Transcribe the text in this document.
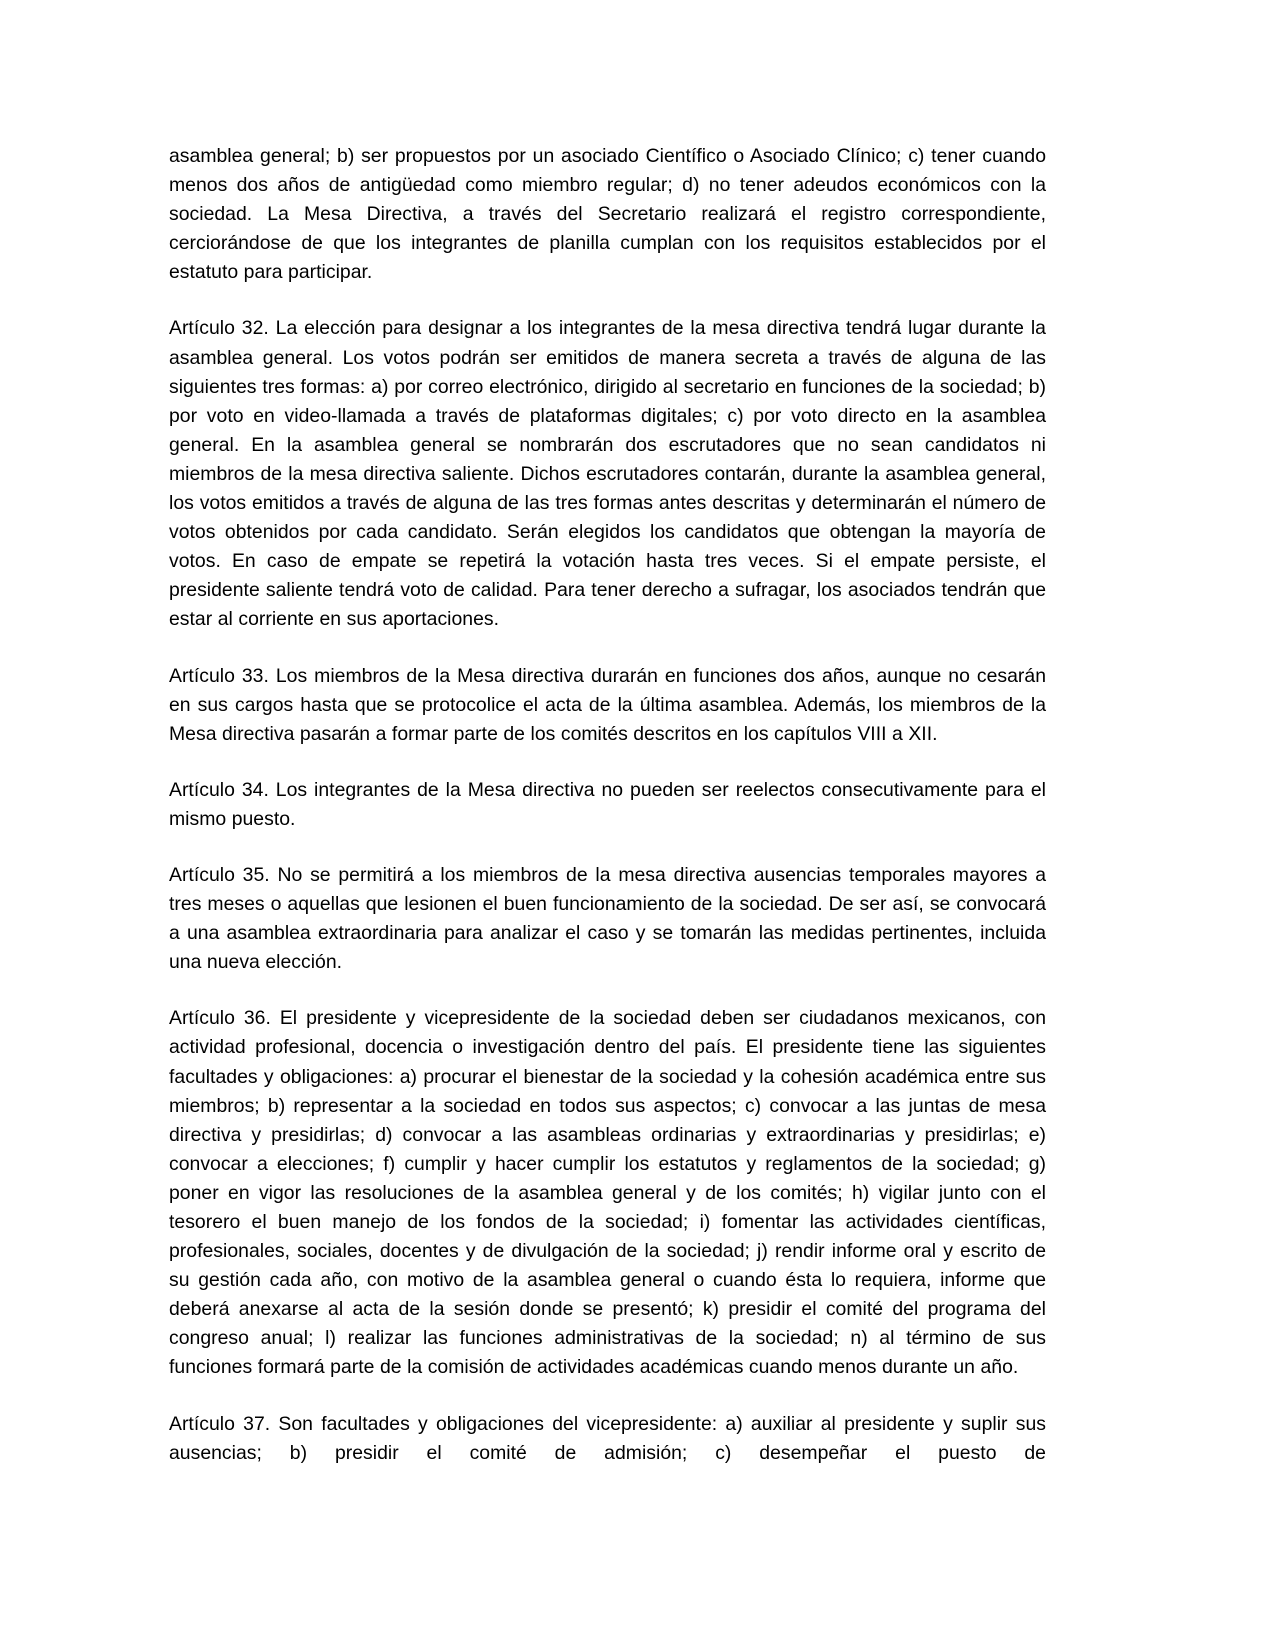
asamblea general; b) ser propuestos por un asociado Científico o Asociado Clínico; c) tener cuando menos dos años de antigüedad como miembro regular; d) no tener adeudos económicos con la sociedad. La Mesa Directiva, a través del Secretario realizará el registro correspondiente, cerciorándose de que los integrantes de planilla cumplan con los requisitos establecidos por el estatuto para participar.

Artículo 32. La elección para designar a los integrantes de la mesa directiva tendrá lugar durante la asamblea general. Los votos podrán ser emitidos de manera secreta a través de alguna de las siguientes tres formas: a) por correo electrónico, dirigido al secretario en funciones de la sociedad; b) por voto en video-llamada a través de plataformas digitales; c) por voto directo en la asamblea general. En la asamblea general se nombrarán dos escrutadores que no sean candidatos ni miembros de la mesa directiva saliente. Dichos escrutadores contarán, durante la asamblea general, los votos emitidos a través de alguna de las tres formas antes descritas y determinarán el número de votos obtenidos por cada candidato. Serán elegidos los candidatos que obtengan la mayoría de votos. En caso de empate se repetirá la votación hasta tres veces. Si el empate persiste, el presidente saliente tendrá voto de calidad. Para tener derecho a sufragar, los asociados tendrán que estar al corriente en sus aportaciones.

Artículo 33. Los miembros de la Mesa directiva durarán en funciones dos años, aunque no cesarán en sus cargos hasta que se protocolice el acta de la última asamblea. Además, los miembros de la Mesa directiva pasarán a formar parte de los comités descritos en los capítulos VIII a XII.

Artículo 34. Los integrantes de la Mesa directiva no pueden ser reelectos consecutivamente para el mismo puesto.

Artículo 35. No se permitirá a los miembros de la mesa directiva ausencias temporales mayores a tres meses o aquellas que lesionen el buen funcionamiento de la sociedad. De ser así, se convocará a una asamblea extraordinaria para analizar el caso y se tomarán las medidas pertinentes, incluida una nueva elección.

Artículo 36. El presidente y vicepresidente de la sociedad deben ser ciudadanos mexicanos, con actividad profesional, docencia o investigación dentro del país. El presidente tiene las siguientes facultades y obligaciones: a) procurar el bienestar de la sociedad y la cohesión académica entre sus miembros; b) representar a la sociedad en todos sus aspectos; c) convocar a las juntas de mesa directiva y presidirlas; d) convocar a las asambleas ordinarias y extraordinarias y presidirlas; e) convocar a elecciones; f) cumplir y hacer cumplir los estatutos y reglamentos de la sociedad; g) poner en vigor las resoluciones de la asamblea general y de los comités; h) vigilar junto con el tesorero el buen manejo de los fondos de la sociedad; i) fomentar las actividades científicas, profesionales, sociales, docentes y de divulgación de la sociedad; j) rendir informe oral y escrito de su gestión cada año, con motivo de la asamblea general o cuando ésta lo requiera, informe que deberá anexarse al acta de la sesión donde se presentó; k) presidir el comité del programa del congreso anual; l) realizar las funciones administrativas de la sociedad; n) al término de sus funciones formará parte de la comisión de actividades académicas cuando menos durante un año.

Artículo 37. Son facultades y obligaciones del vicepresidente: a) auxiliar al presidente y suplir sus ausencias; b) presidir el comité de admisión; c) desempeñar el puesto de
